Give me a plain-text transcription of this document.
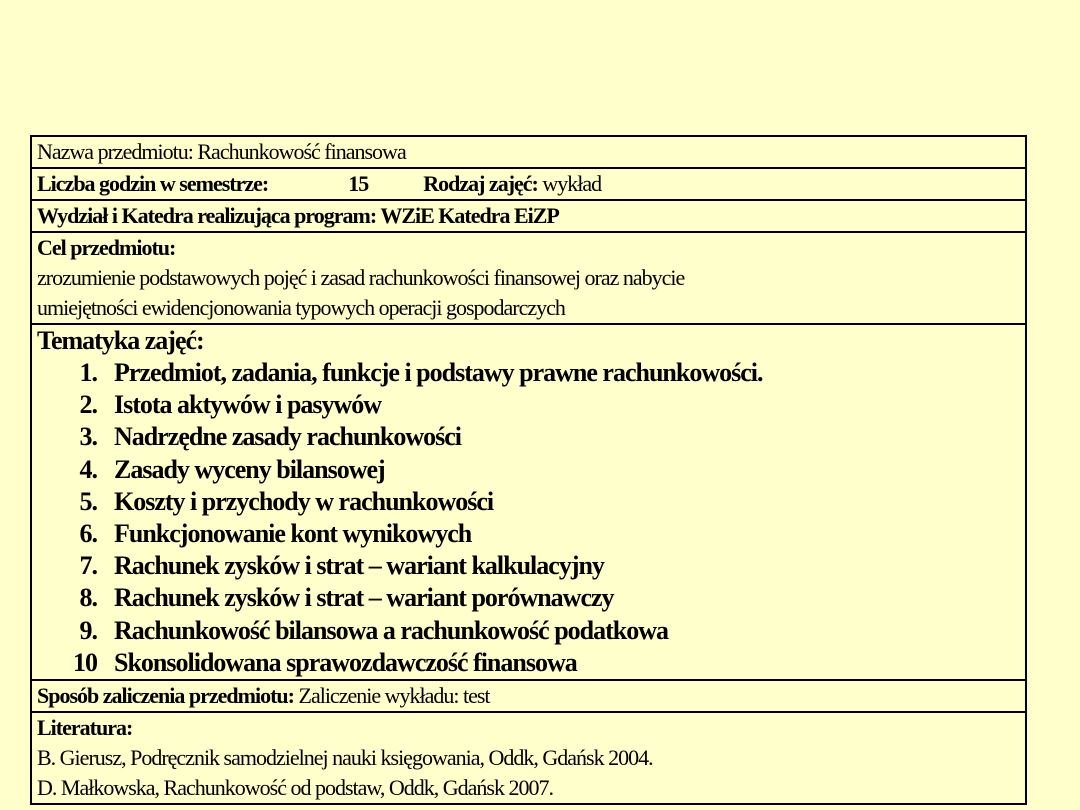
Nazwa przedmiotu: Rachunkowość finansowa
Liczba godzin w semestrze:	15	Rodzaj zajęć: wykład
Wydział i Katedra realizująca program: WZiE Katedra EiZP
Cel przedmiotu:
zrozumienie podstawowych pojęć i zasad rachunkowości finansowej oraz nabycie
umiejętności ewidencjonowania typowych operacji gospodarczych
Tematyka zajęć:
1. Przedmiot, zadania, funkcje i podstawy prawne rachunkowości.
2. Istota aktywów i pasywów
3. Nadrzędne zasady rachunkowości
4. Zasady wyceny bilansowej
5. Koszty i przychody w rachunkowości
6. Funkcjonowanie kont wynikowych
7. Rachunek zysków i strat – wariant kalkulacyjny
8. Rachunek zysków i strat – wariant porównawczy
9. Rachunkowość bilansowa a rachunkowość podatkowa
10 Skonsolidowana sprawozdawczość finansowa
Sposób zaliczenia przedmiotu: Zaliczenie wykładu: test
Literatura:
B. Gierusz, Podręcznik samodzielnej nauki księgowania, Oddk, Gdańsk 2004.
D. Małkowska, Rachunkowość od podstaw, Oddk, Gdańsk 2007.
